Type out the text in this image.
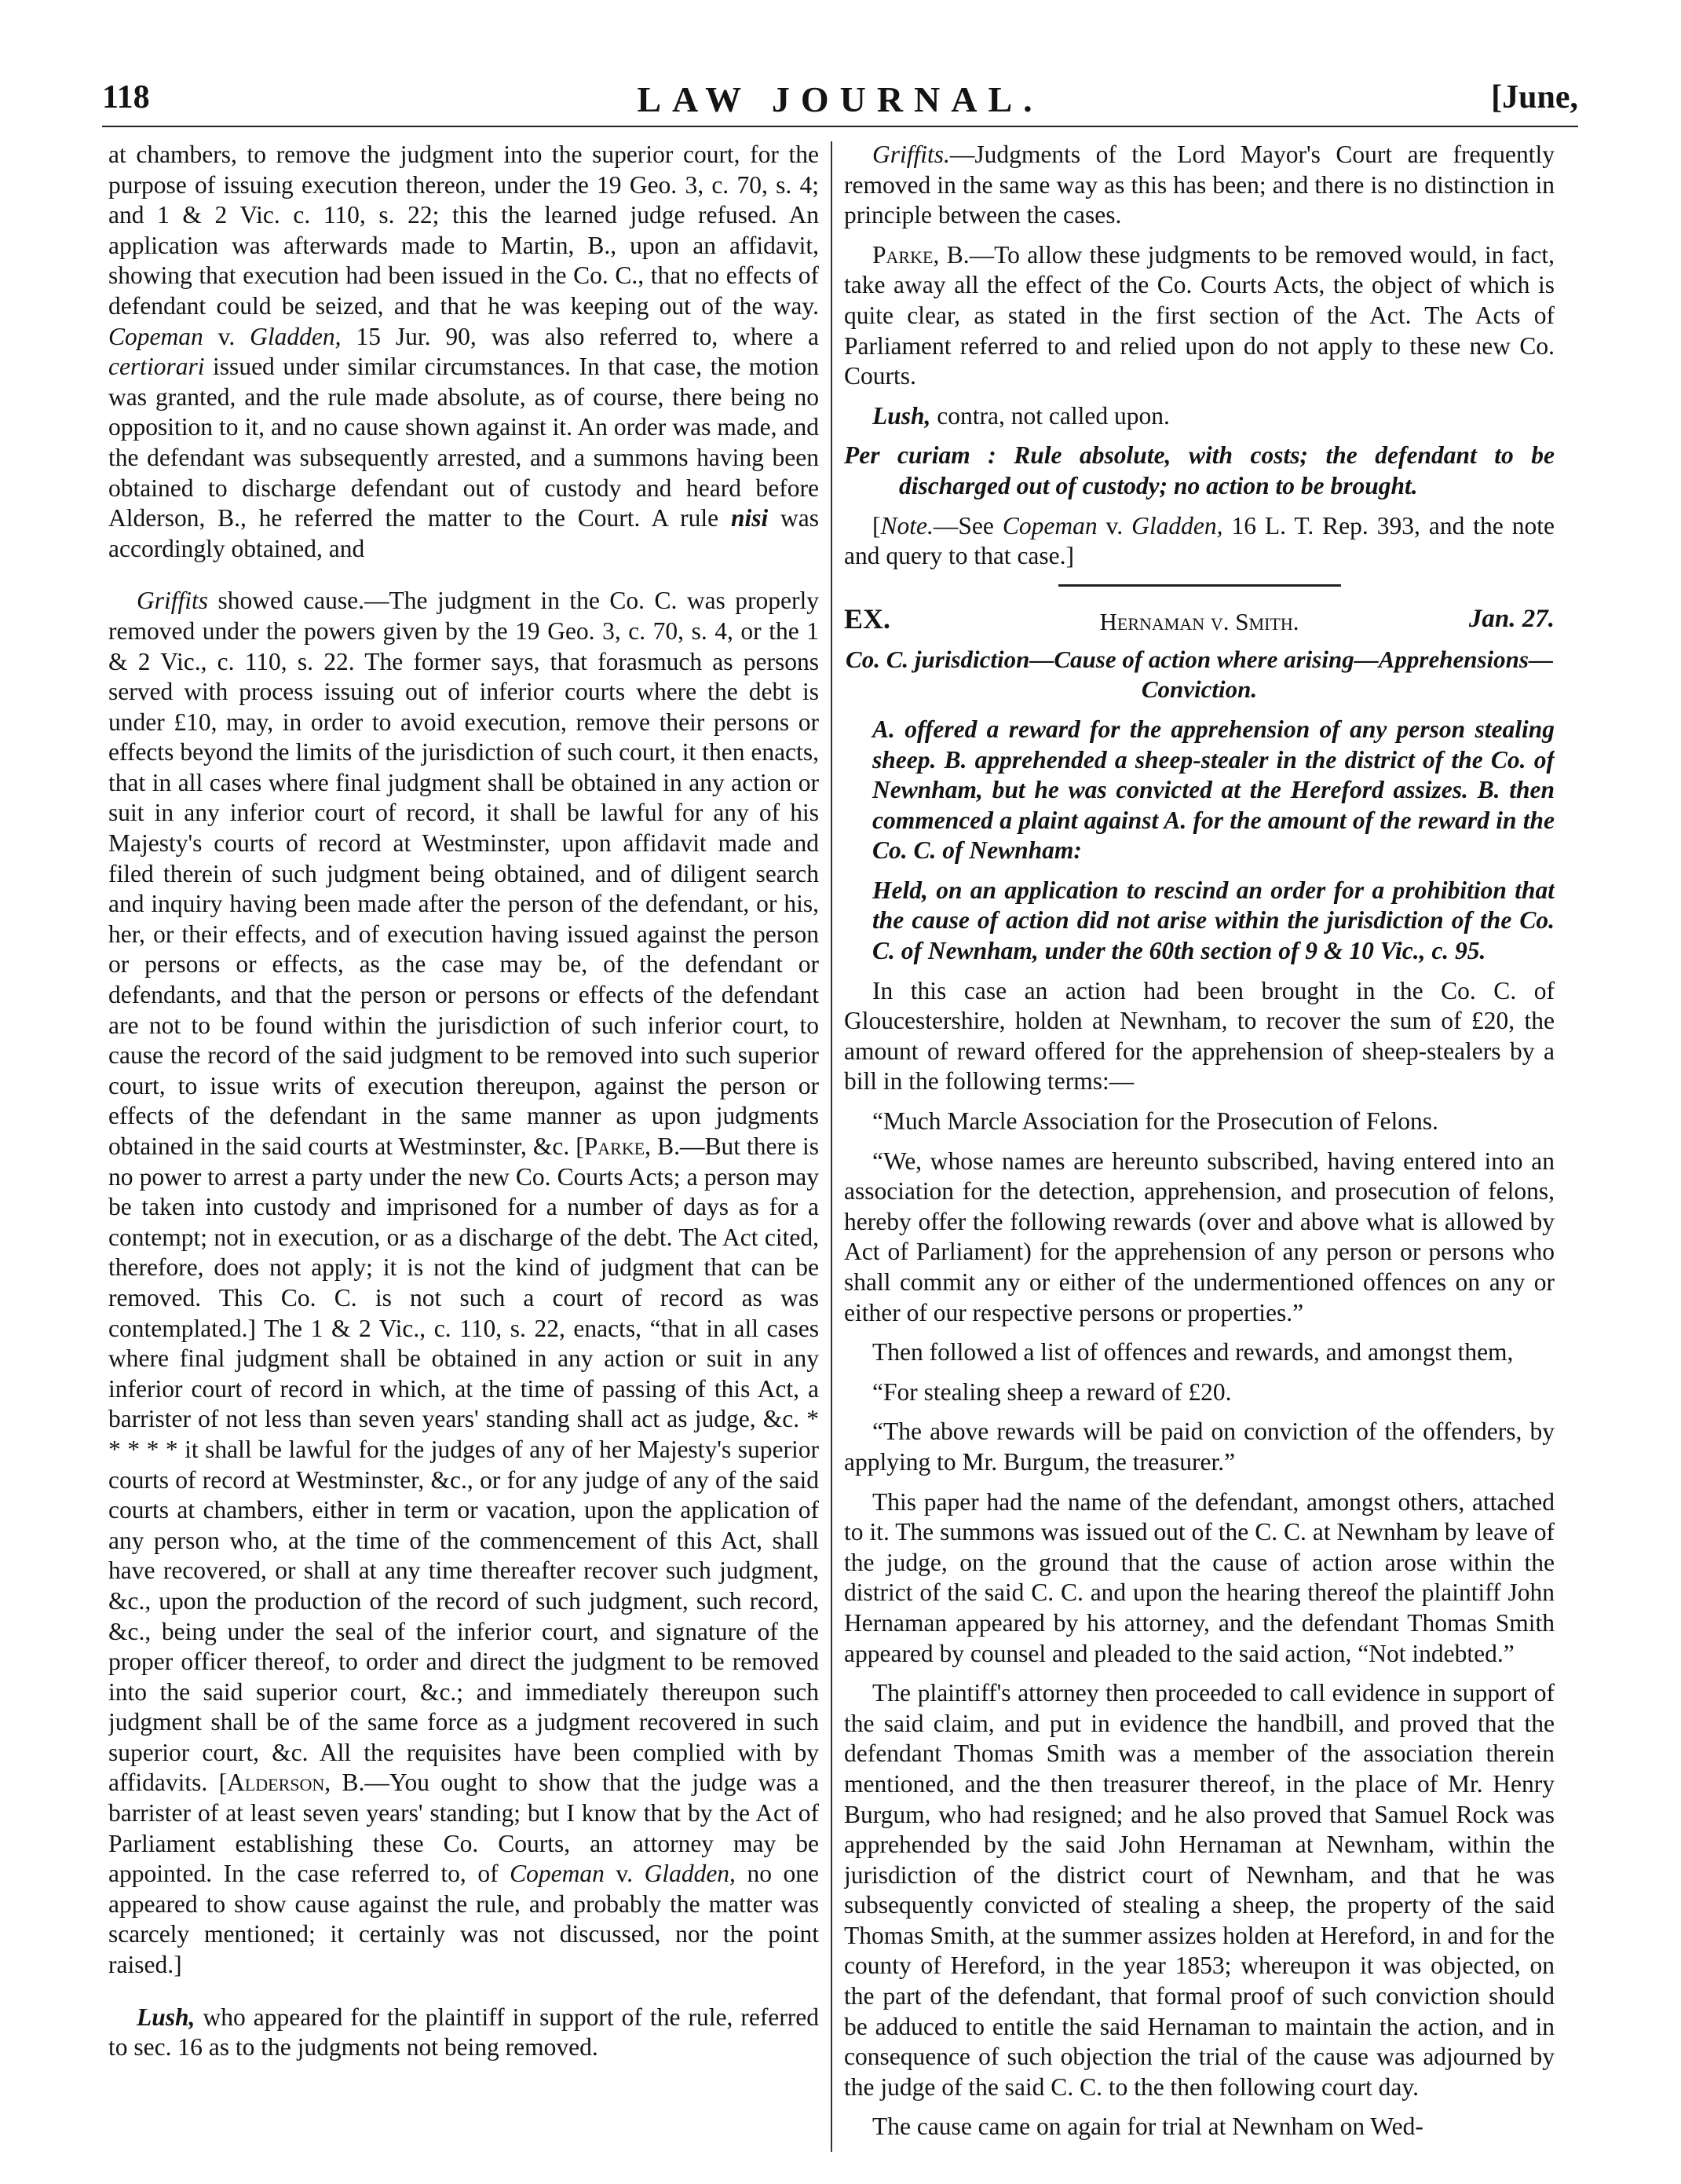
118	LAW JOURNAL.	[June,

at chambers, to remove the judgment into the superior court, for the purpose of issuing execution thereon, under the 19 Geo. 3, c. 70, s. 4; and 1 & 2 Vic. c. 110, s. 22; this the learned judge refused. An application was afterwards made to Martin, B., upon an affidavit, showing that execution had been issued in the Co. C., that no effects of defendant could be seized, and that he was keeping out of the way. Copeman v. Gladden, 15 Jur. 90, was also referred to, where a certiorari issued under similar circumstances. In that case, the motion was granted, and the rule made absolute, as of course, there being no opposition to it, and no cause shown against it. An order was made, and the defendant was subsequently arrested, and a summons having been obtained to discharge defendant out of custody and heard before Alderson, B., he referred the matter to the Court. A rule nisi was accordingly obtained, and

Griffits showed cause.—The judgment in the Co. C. was properly removed under the powers given by the 19 Geo. 3, c. 70, s. 4, or the 1 & 2 Vic., c. 110, s. 22. The former says, that forasmuch as persons served with process issuing out of inferior courts where the debt is under £10, may, in order to avoid execution, remove their persons or effects beyond the limits of the jurisdiction of such court, it then enacts, that in all cases where final judgment shall be obtained in any action or suit in any inferior court of record, it shall be lawful for any of his Majesty's courts of record at Westminster, upon affidavit made and filed therein of such judgment being obtained, and of diligent search and inquiry having been made after the person of the defendant, or his, her, or their effects, and of execution having issued against the person or persons or effects, as the case may be, of the defendant or defendants, and that the person or persons or effects of the defendant are not to be found within the jurisdiction of such inferior court, to cause the record of the said judgment to be removed into such superior court, to issue writs of execution thereupon, against the person or effects of the defendant in the same manner as upon judgments obtained in the said courts at Westminster, &c. [Parke, B.—But there is no power to arrest a party under the new Co. Courts Acts; a person may be taken into custody and imprisoned for a number of days as for a contempt; not in execution, or as a discharge of the debt. The Act cited, therefore, does not apply; it is not the kind of judgment that can be removed. This Co. C. is not such a court of record as was contemplated.] The 1 & 2 Vic., c. 110, s. 22, enacts, “that in all cases where final judgment shall be obtained in any action or suit in any inferior court of record in which, at the time of passing of this Act, a barrister of not less than seven years' standing shall act as judge, &c. * * * * * it shall be lawful for the judges of any of her Majesty's superior courts of record at Westminster, &c., or for any judge of any of the said courts at chambers, either in term or vacation, upon the application of any person who, at the time of the commencement of this Act, shall have recovered, or shall at any time thereafter recover such judgment, &c., upon the production of the record of such judgment, such record, &c., being under the seal of the inferior court, and signature of the proper officer thereof, to order and direct the judgment to be removed into the said superior court, &c.; and immediately thereupon such judgment shall be of the same force as a judgment recovered in such superior court, &c. All the requisites have been complied with by affidavits. [Alderson, B.—You ought to show that the judge was a barrister of at least seven years' standing; but I know that by the Act of Parliament establishing these Co. Courts, an attorney may be appointed. In the case referred to, of Copeman v. Gladden, no one appeared to show cause against the rule, and probably the matter was scarcely mentioned; it certainly was not discussed, nor the point raised.]

Lush, who appeared for the plaintiff in support of the rule, referred to sec. 16 as to the judgments not being removed.

Griffits.—Judgments of the Lord Mayor's Court are frequently removed in the same way as this has been; and there is no distinction in principle between the cases.

Parke, B.—To allow these judgments to be removed would, in fact, take away all the effect of the Co. Courts Acts, the object of which is quite clear, as stated in the first section of the Act. The Acts of Parliament referred to and relied upon do not apply to these new Co. Courts.

Lush, contra, not called upon.

Per curiam : Rule absolute, with costs; the defendant to be discharged out of custody; no action to be brought.

[Note.—See Copeman v. Gladden, 16 L. T. Rep. 393, and the note and query to that case.]

EX.	Hernaman v. Smith.	Jan. 27.
Co. C. jurisdiction—Cause of action where arising—Apprehensions—Conviction.

A. offered a reward for the apprehension of any person stealing sheep. B. apprehended a sheep-stealer in the district of the Co. of Newnham, but he was convicted at the Hereford assizes. B. then commenced a plaint against A. for the amount of the reward in the Co. C. of Newnham:

Held, on an application to rescind an order for a prohibition that the cause of action did not arise within the jurisdiction of the Co. C. of Newnham, under the 60th section of 9 & 10 Vic., c. 95.

In this case an action had been brought in the Co. C. of Gloucestershire, holden at Newnham, to recover the sum of £20, the amount of reward offered for the apprehension of sheep-stealers by a bill in the following terms:—

“Much Marcle Association for the Prosecution of Felons.

“We, whose names are hereunto subscribed, having entered into an association for the detection, apprehension, and prosecution of felons, hereby offer the following rewards (over and above what is allowed by Act of Parliament) for the apprehension of any person or persons who shall commit any or either of the undermentioned offences on any or either of our respective persons or properties.”

Then followed a list of offences and rewards, and amongst them,

“For stealing sheep a reward of £20.

“The above rewards will be paid on conviction of the offenders, by applying to Mr. Burgum, the treasurer.”

This paper had the name of the defendant, amongst others, attached to it. The summons was issued out of the C. C. at Newnham by leave of the judge, on the ground that the cause of action arose within the district of the said C. C. and upon the hearing thereof the plaintiff John Hernaman appeared by his attorney, and the defendant Thomas Smith appeared by counsel and pleaded to the said action, “Not indebted.”

The plaintiff's attorney then proceeded to call evidence in support of the said claim, and put in evidence the handbill, and proved that the defendant Thomas Smith was a member of the association therein mentioned, and the then treasurer thereof, in the place of Mr. Henry Burgum, who had resigned; and he also proved that Samuel Rock was apprehended by the said John Hernaman at Newnham, within the jurisdiction of the district court of Newnham, and that he was subsequently convicted of stealing a sheep, the property of the said Thomas Smith, at the summer assizes holden at Hereford, in and for the county of Hereford, in the year 1853; whereupon it was objected, on the part of the defendant, that formal proof of such conviction should be adduced to entitle the said Hernaman to maintain the action, and in consequence of such objection the trial of the cause was adjourned by the judge of the said C. C. to the then following court day.

The cause came on again for trial at Newnham on Wed-
